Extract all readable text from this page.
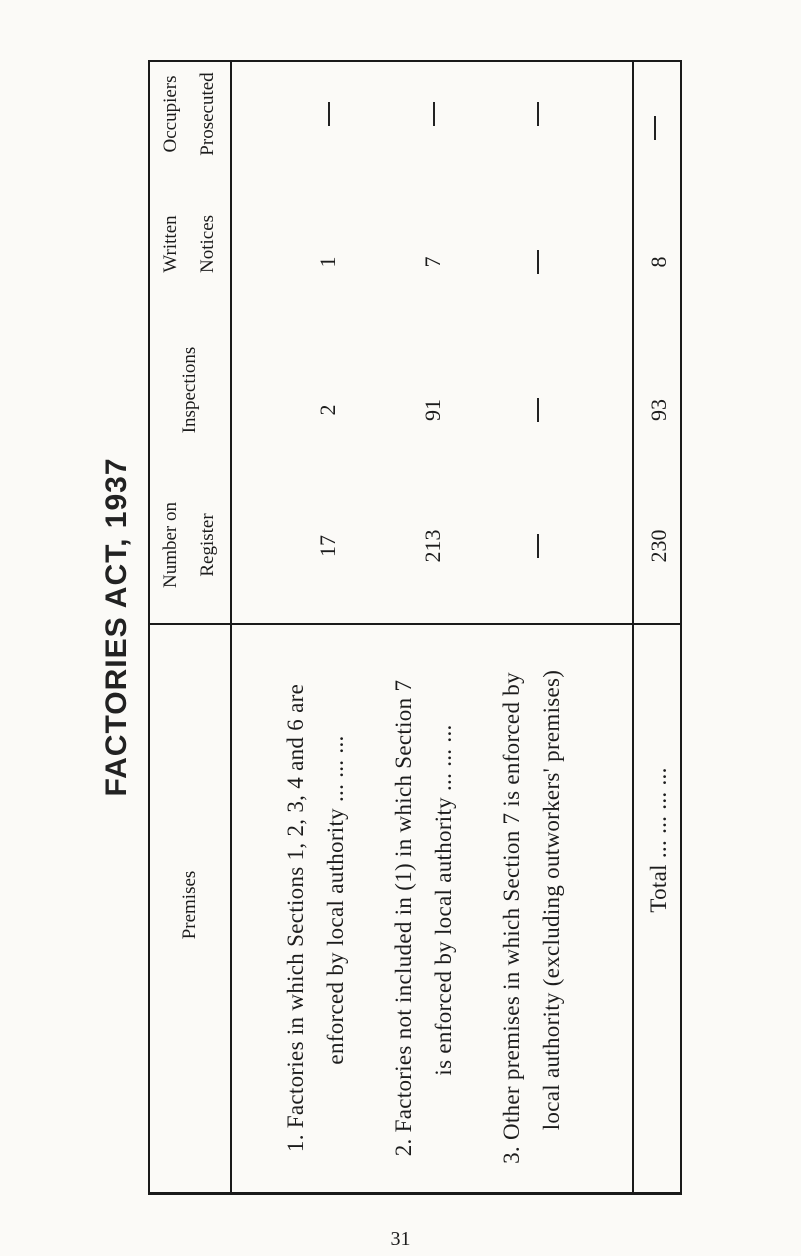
FACTORIES ACT, 1937
Premises
Number on Register
Inspections
Written Notices
Occupiers Prosecuted
1. Factories in which Sections 1, 2, 3, 4 and 6 are enforced by local authority ... ... ...
17
2
1
2. Factories not included in (1) in which Section 7 is enforced by local authority ... ... ...
213
91
7
3. Other premises in which Section 7 is enforced by local authority (excluding outworkers' premises)	Total ... ... ... ...
230
93
8
31
